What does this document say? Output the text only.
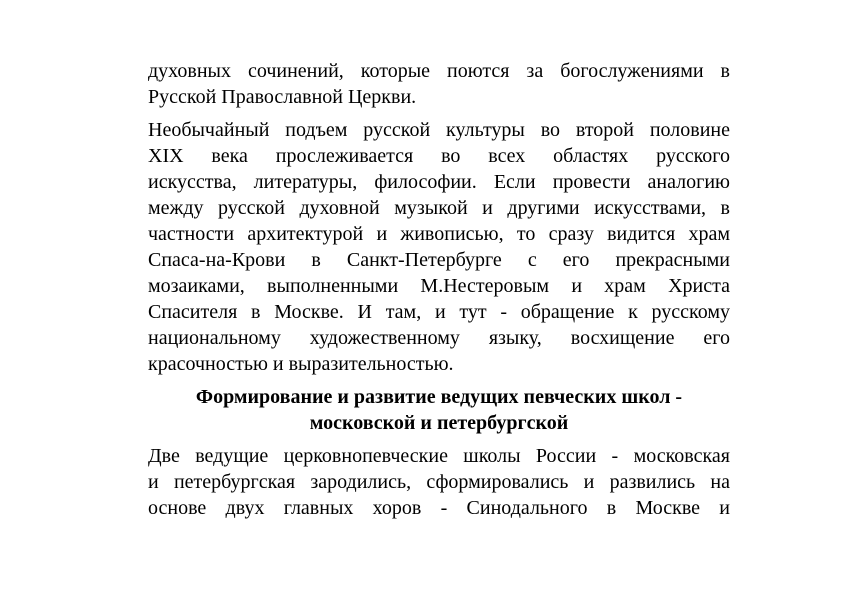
духовных сочинений, которые поются за богослужениями в
Русской Православной Церкви.
Необычайный подъем русской культуры во второй половине
XIX века прослеживается во всех областях русского
искусства, литературы, философии. Если провести аналогию
между русской духовной музыкой и другими искусствами, в
частности архитектурой и живописью, то сразу видится храм
Спаса-на-Крови в Санкт-Петербурге с его прекрасными
мозаиками, выполненными М.Нестеровым и храм Христа
Спасителя в Москве. И там, и тут - обращение к русскому
национальному художественному языку, восхищение его
красочностью и выразительностью.
Формирование и развитие ведущих певческих школ -
московской и петербургской
Две ведущие церковнопевческие школы России - московская
и петербургская зародились, сформировались и развились на
основе двух главных хоров - Синодального в Москве и
